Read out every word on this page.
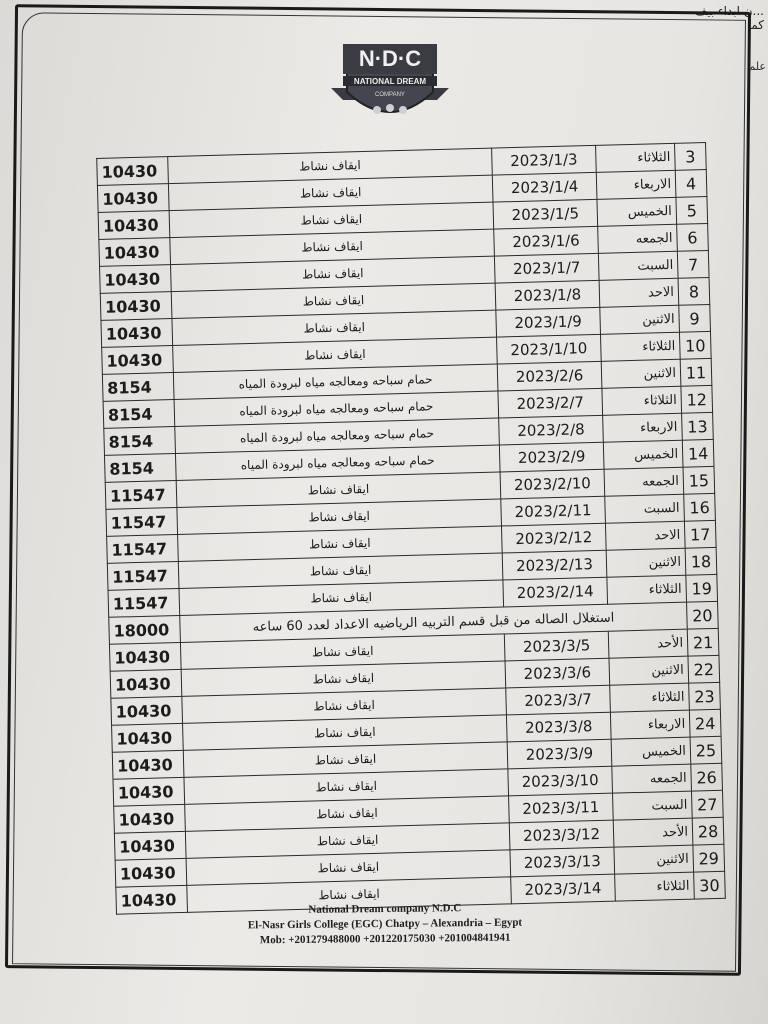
...ن ابداء بيف كما
علم
N·D·C
NATIONAL DREAM
COMPANY
3	الثلاثاء	2023/1/3	ايقاف نشاط	10430
4	الاربعاء	2023/1/4	ايقاف نشاط	10430
5	الخميس	2023/1/5	ايقاف نشاط	10430
6	الجمعه	2023/1/6	ايقاف نشاط	10430
7	السبت	2023/1/7	ايقاف نشاط	10430
8	الاحد	2023/1/8	ايقاف نشاط	10430
9	الاثنين	2023/1/9	ايقاف نشاط	10430
10	الثلاثاء	2023/1/10	ايقاف نشاط	10430
11	الاثنين	2023/2/6	حمام سباحه ومعالجه مياه لبرودة المياه	8154
12	الثلاثاء	2023/2/7	حمام سباحه ومعالجه مياه لبرودة المياه	8154
13	الاربعاء	2023/2/8	حمام سباحه ومعالجه مياه لبرودة المياه	8154
14	الخميس	2023/2/9	حمام سباحه ومعالجه مياه لبرودة المياه	8154
15	الجمعه	2023/2/10	ايقاف نشاط	11547
16	السبت	2023/2/11	ايقاف نشاط	11547
17	الاحد	2023/2/12	ايقاف نشاط	11547
18	الاثنين	2023/2/13	ايقاف نشاط	11547
19	الثلاثاء	2023/2/14	ايقاف نشاط	11547
20	استغلال الصاله من قبل قسم التربيه الرياضيه الاعداد لعدد 60 ساعه			18000
21	الأحد	2023/3/5	ايقاف نشاط	10430
22	الاثنين	2023/3/6	ايقاف نشاط	10430
23	الثلاثاء	2023/3/7	ايقاف نشاط	10430
24	الاربعاء	2023/3/8	ايقاف نشاط	10430
25	الخميس	2023/3/9	ايقاف نشاط	10430
26	الجمعه	2023/3/10	ايقاف نشاط	10430
27	السبت	2023/3/11	ايقاف نشاط	10430
28	الأحد	2023/3/12	ايقاف نشاط	10430
29	الاثنين	2023/3/13	ايقاف نشاط	10430
30	الثلاثاء	2023/3/14	ايقاف نشاط	10430	National Dream company N.D.C
El-Nasr Girls College (EGC) Chatpy – Alexandria – Egypt
Mob: +201279488000 +201220175030 +201004841941
